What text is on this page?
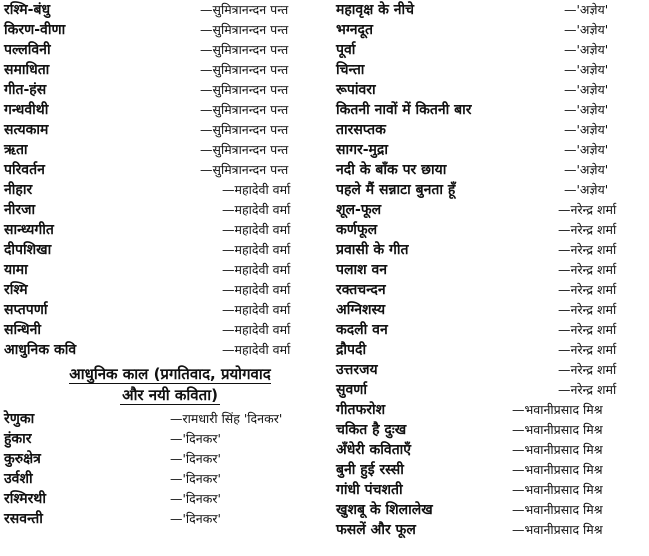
रश्मि-बंधु	—सुमित्रानन्दन पन्त
किरण-वीणा	—सुमित्रानन्दन पन्त
पल्लविनी	—सुमित्रानन्दन पन्त
समाधिता	—सुमित्रानन्दन पन्त
गीत-हंस	—सुमित्रानन्दन पन्त
गन्धवीथी	—सुमित्रानन्दन पन्त
सत्यकाम	—सुमित्रानन्दन पन्त
ऋता	—सुमित्रानन्दन पन्त
परिवर्तन	—सुमित्रानन्दन पन्त
नीहार	—महादेवी वर्मा
नीरजा	—महादेवी वर्मा
सान्ध्यगीत	—महादेवी वर्मा
दीपशिखा	—महादेवी वर्मा
यामा	—महादेवी वर्मा
रश्मि	—महादेवी वर्मा
सप्तपर्णा	—महादेवी वर्मा
सन्धिनी	—महादेवी वर्मा
आधुनिक कवि	—महादेवी वर्मा
आधुनिक काल (प्रगतिवाद, प्रयोगवाद
और नयी कविता)
रेणुका	—रामधारी सिंह 'दिनकर'
हुंकार	—'दिनकर'
कुरुक्षेत्र	—'दिनकर'
उर्वशी	—'दिनकर'
रश्मिरथी	—'दिनकर'
रसवन्ती	—'दिनकर'
महावृक्ष के नीचे	—'अज्ञेय'
भग्नदूत	—'अज्ञेय'
पूर्वा	—'अज्ञेय'
चिन्ता	—'अज्ञेय'
रूपांवरा	—'अज्ञेय'
कितनी नावों में कितनी बार	—'अज्ञेय'
तारसप्तक	—'अज्ञेय'
सागर-मुद्रा	—'अज्ञेय'
नदी के बाँक पर छाया	—'अज्ञेय'
पहले मैं सन्नाटा बुनता हूँ	—'अज्ञेय'
शूल-फूल	—नरेन्द्र शर्मा
कर्णफूल	—नरेन्द्र शर्मा
प्रवासी के गीत	—नरेन्द्र शर्मा
पलाश वन	—नरेन्द्र शर्मा
रक्तचन्दन	—नरेन्द्र शर्मा
अग्निशस्य	—नरेन्द्र शर्मा
कदली वन	—नरेन्द्र शर्मा
द्रौपदी	—नरेन्द्र शर्मा
उत्तरजय	—नरेन्द्र शर्मा
सुवर्णा	—नरेन्द्र शर्मा
गीतफरोश	—भवानीप्रसाद मिश्र
चकित है दुःख	—भवानीप्रसाद मिश्र
अँधेरी कविताएँ	—भवानीप्रसाद मिश्र
बुनी हुई रस्सी	—भवानीप्रसाद मिश्र
गांधी पंचशती	—भवानीप्रसाद मिश्र
खुशबू के शिलालेख	—भवानीप्रसाद मिश्र
फसलें और फूल	—भवानीप्रसाद मिश्र
